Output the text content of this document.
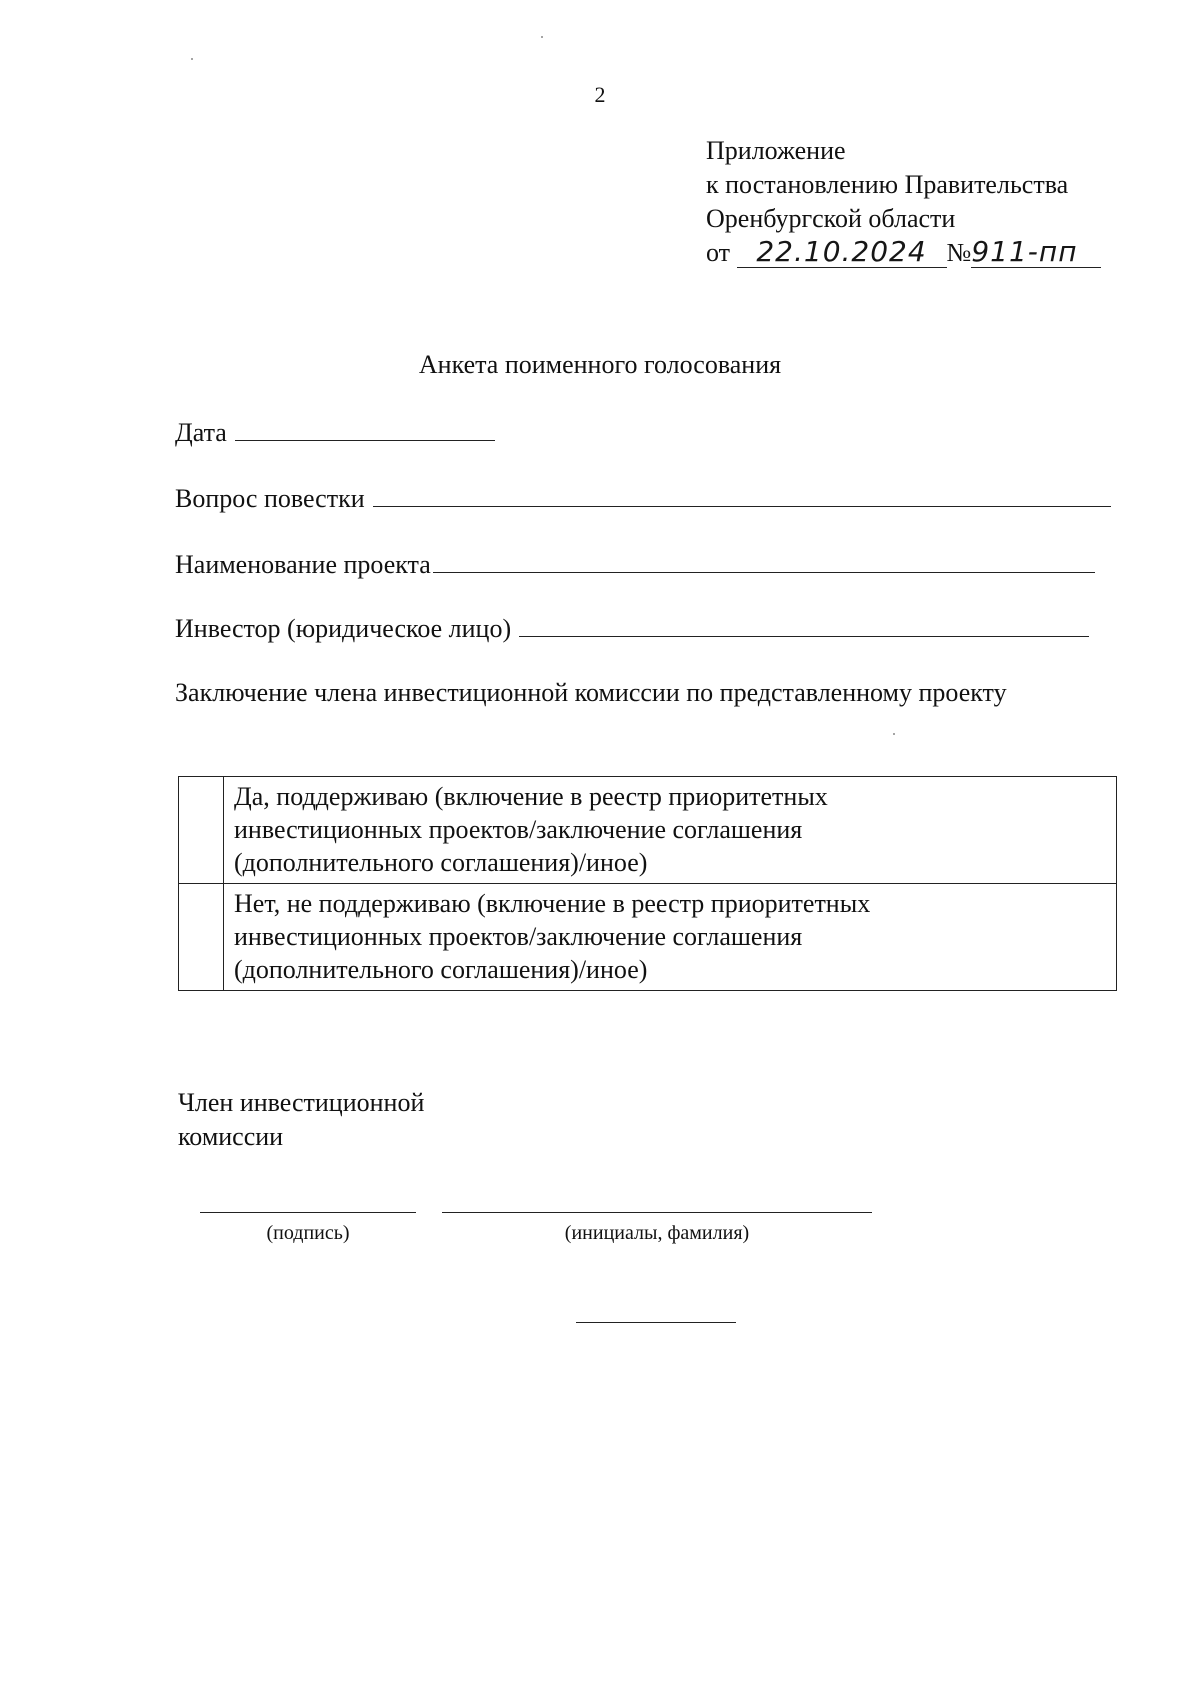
2
Приложение
к постановлению Правительства
Оренбургской области
от 22.10.2024 №911-пп
Анкета поименного голосования
Дата
Вопрос повестки
Наименование проекта
Инвестор (юридическое лицо)
Заключение члена инвестиционной комиссии по представленному проекту

	Да, поддерживаю (включение в реестр приоритетных
инвестиционных проектов/заключение соглашения
(дополнительного соглашения)/иное)

	Нет, не поддерживаю (включение в реестр приоритетных
инвестиционных проектов/заключение соглашения
(дополнительного соглашения)/иное)
Член инвестиционной
комиссии
(подпись)	(инициалы, фамилия)
